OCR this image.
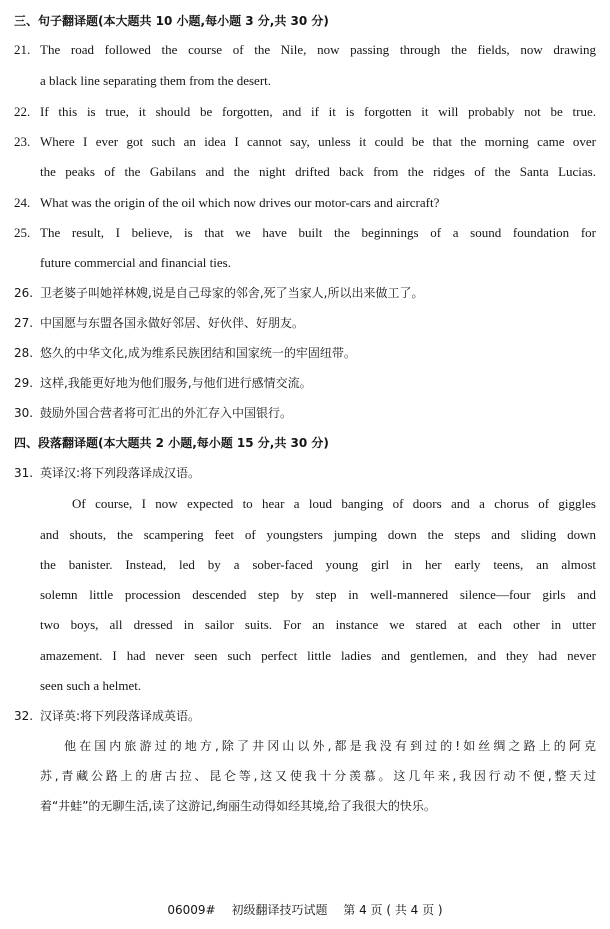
三、句子翻译题(本大题共 10 小题,每小题 3 分,共 30 分)
21. The road followed the course of the Nile, now passing through the fields, now drawing
a black line separating them from the desert.
22. If this is true, it should be forgotten, and if it is forgotten it will probably not be true.
23. Where I ever got such an idea I cannot say, unless it could be that the morning came over
the peaks of the Gabilans and the night drifted back from the ridges of the Santa Lucias.
24. What was the origin of the oil which now drives our motor-cars and aircraft?
25. The result, I believe, is that we have built the beginnings of a sound foundation for
future commercial and financial ties.
26. 卫老婆子叫她祥林嫂,说是自己母家的邻舍,死了当家人,所以出来做工了。
27. 中国愿与东盟各国永做好邻居、好伙伴、好朋友。
28. 悠久的中华文化,成为维系民族团结和国家统一的牢固纽带。
29. 这样,我能更好地为他们服务,与他们进行感情交流。
30. 鼓励外国合营者将可汇出的外汇存入中国银行。
四、段落翻译题(本大题共 2 小题,每小题 15 分,共 30 分)
31. 英译汉:将下列段落译成汉语。
Of course, I now expected to hear a loud banging of doors and a chorus of giggles
and shouts, the scampering feet of youngsters jumping down the steps and sliding down
the banister. Instead, led by a sober-faced young girl in her early teens, an almost
solemn little procession descended step by step in well-mannered silence—four girls and
two boys, all dressed in sailor suits. For an instance we stared at each other in utter
amazement. I had never seen such perfect little ladies and gentlemen, and they had never
seen such a helmet.
32. 汉译英:将下列段落译成英语。
他在国内旅游过的地方,除了井冈山以外,都是我没有到过的!如丝绸之路上的阿克
苏,青藏公路上的唐古拉、昆仑等,这又使我十分羡慕。这几年来,我因行动不便,整天过
着“井蛙”的无聊生活,读了这游记,绚丽生动得如经其境,给了我很大的快乐。
06009# 初级翻译技巧试题 第 4 页 ( 共 4 页 )
